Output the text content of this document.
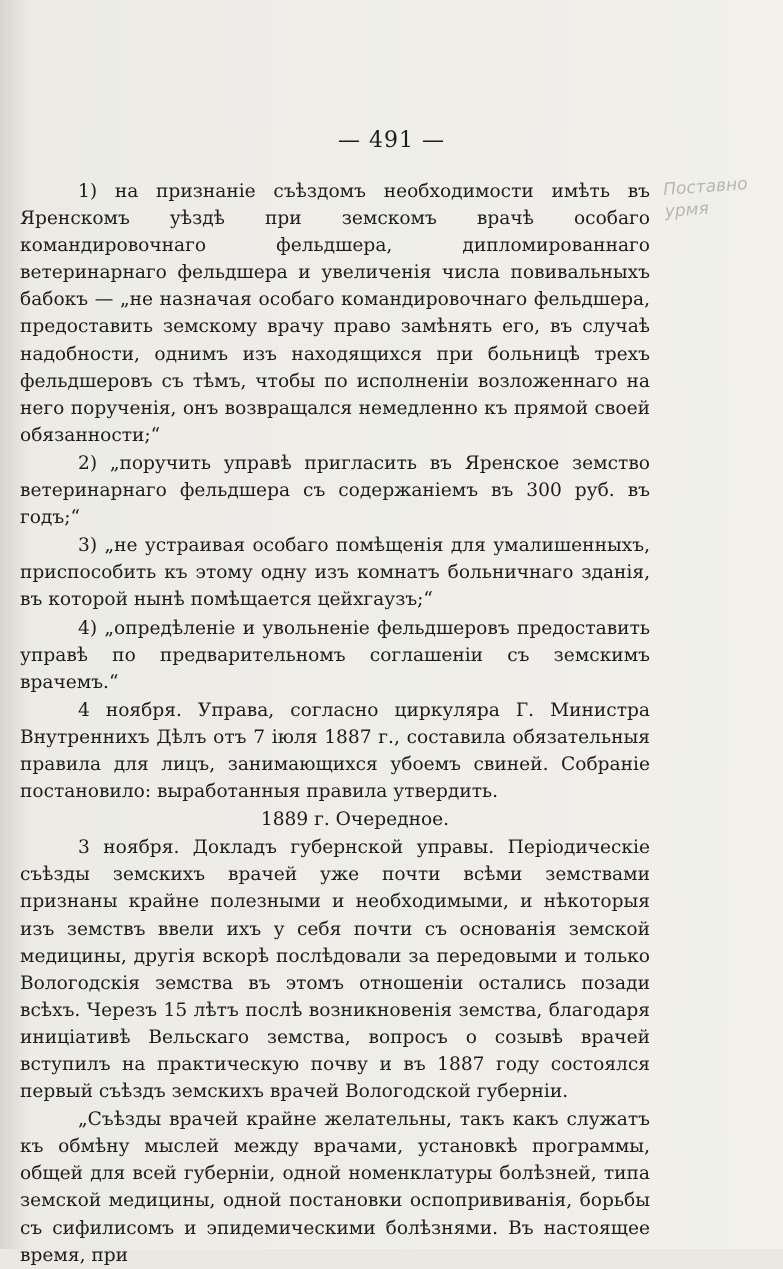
— 491 —
Поставно
урмя

1) на признаніе съѣздомъ необходимости имѣть въ Яренскомъ уѣздѣ при земскомъ врачѣ особаго командировочнаго фельдшера, дипломированнаго ветеринарнаго фельдшера и увеличенія числа повивальныхъ бабокъ — „не назначая особаго командировочнаго фельдшера, предоставить земскому врачу право замѣнять его, въ случаѣ надобности, однимъ изъ находящихся при больницѣ трехъ фельдшеровъ съ тѣмъ, чтобы по исполненіи возложеннаго на него порученія, онъ возвращался немедленно къ прямой своей обязанности;“

2) „поручить управѣ пригласить въ Яренское земство ветеринарнаго фельдшера съ содержаніемъ въ 300 руб. въ годъ;“

3) „не устраивая особаго помѣщенія для умалишенныхъ, приспособить къ этому одну изъ комнатъ больничнаго зданія, въ которой нынѣ помѣщается цейхгаузъ;“

4) „опредѣленіе и увольненіе фельдшеровъ предоставить управѣ по предварительномъ соглашеніи съ земскимъ врачемъ.“

4 ноября. Управа, согласно циркуляра Г. Министра Внутреннихъ Дѣлъ отъ 7 іюля 1887 г., составила обязательныя правила для лицъ, занимающихся убоемъ свиней. Собраніе постановило: выработанныя правила утвердить.

1889 г. Очередное.

3 ноября. Докладъ губернской управы. Періодическіе съѣзды земскихъ врачей уже почти всѣми земствами признаны крайне полезными и необходимыми, и нѣкоторыя изъ земствъ ввели ихъ у себя почти съ основанія земской медицины, другія вскорѣ послѣдовали за передовыми и только Вологодскія земства въ этомъ отношеніи остались позади всѣхъ. Черезъ 15 лѣтъ послѣ возникновенія земства, благодаря иниціативѣ Вельскаго земства, вопросъ о созывѣ врачей вступилъ на практическую почву и въ 1887 году состоялся первый съѣздъ земскихъ врачей Вологодской губерніи.

„Съѣзды врачей крайне желательны, такъ какъ служатъ къ обмѣну мыслей между врачами, установкѣ программы, общей для всей губерніи, одной номенклатуры болѣзней, типа земской медицины, одной постановки оспопрививанія, борьбы съ сифилисомъ и эпидемическими болѣзнями. Въ настоящее время, при
